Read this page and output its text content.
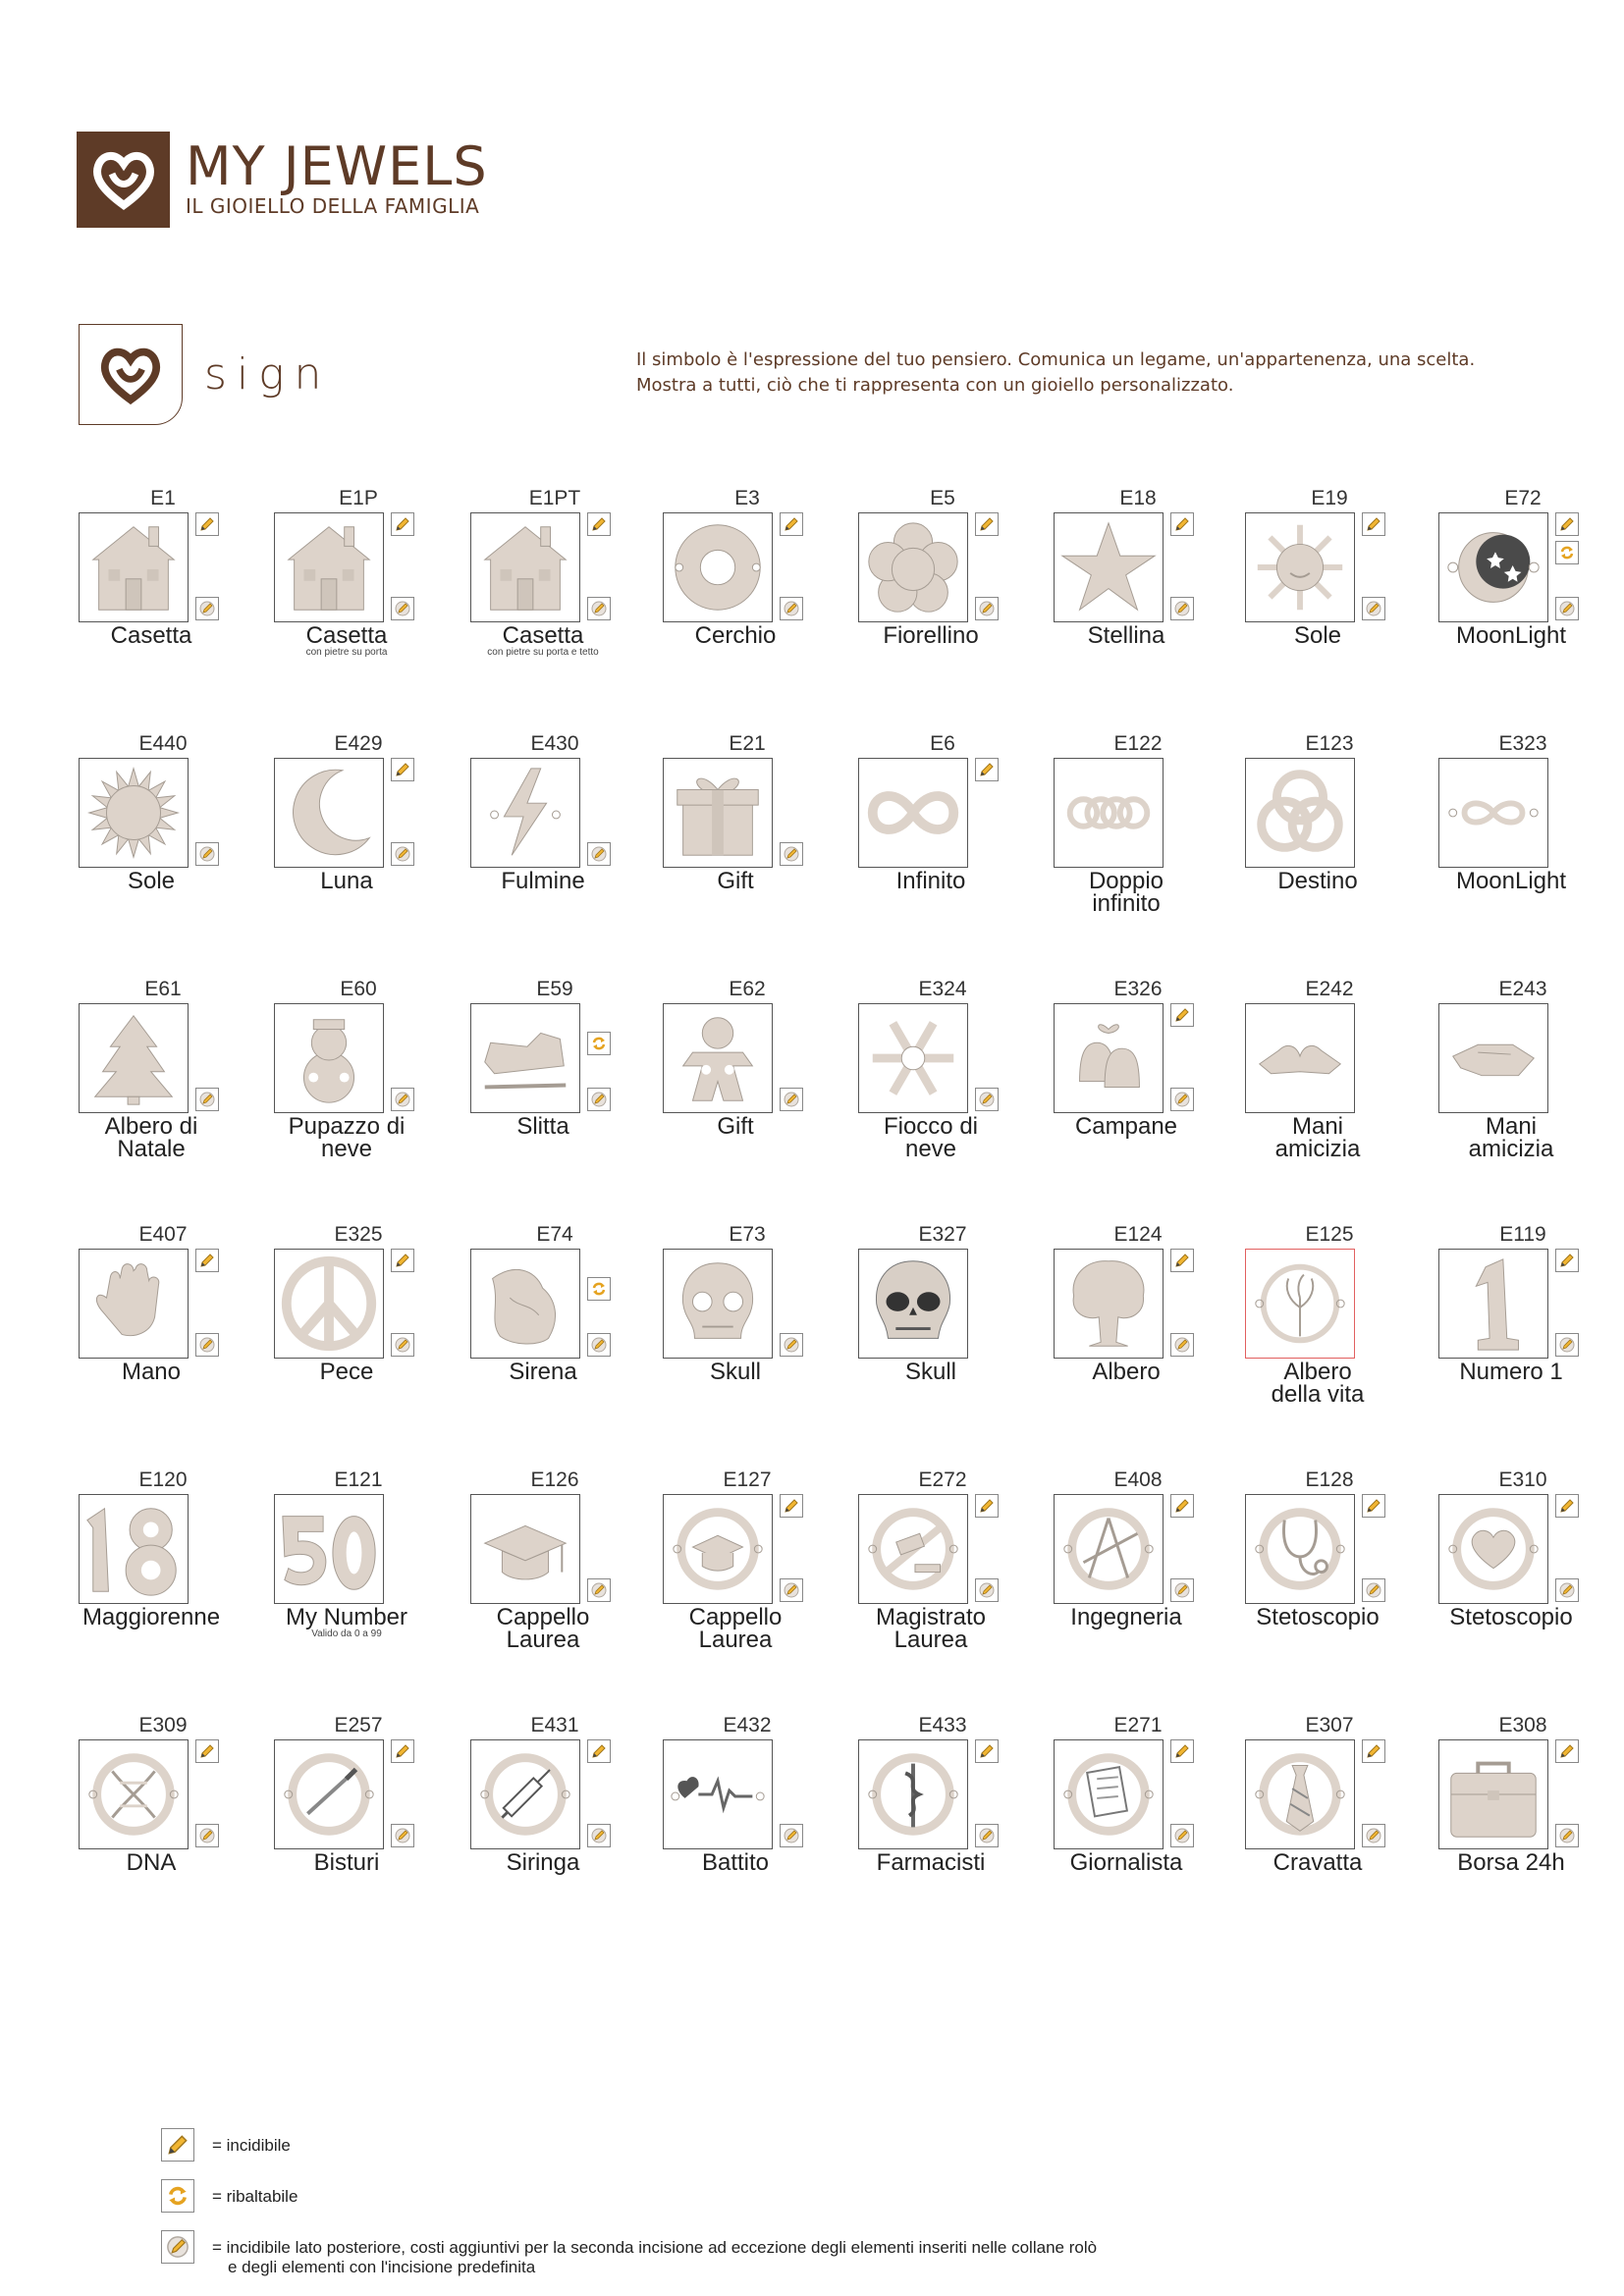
MY JEWELS
IL GIOIELLO DELLA FAMIGLIA
sign	Il simbolo è l'espressione del tuo pensiero. Comunica un legame, un'appartenenza, una scelta. Mostra a tutti, ciò che ti rappresenta con un gioiello personalizzato.
E1
Casetta
E1P
Casetta
con pietre su porta
E1PT
Casetta
con pietre su porta e tetto
E3
Cerchio
E5
Fiorellino
E18
Stellina
E19
Sole
E72
MoonLight
E440
Sole
E429
Luna
E430
Fulmine
E21
Gift
E6
Infinito
E122
Doppio
infinito
E123
Destino
E323
MoonLight
E61
Albero di
Natale
E60
Pupazzo di
neve
E59
Slitta
E62
Gift
E324
Fiocco di
neve
E326
Campane
E242
Mani
amicizia
E243
Mani
amicizia
E407
Mano
E325
Pece
E74
Sirena
E73
Skull
E327
Skull
E124
Albero
E125
Albero
della vita
E119
Numero 1
E120
Maggiorenne
E121
My Number
Valido da 0 a 99
E126
Cappello
Laurea
E127
Cappello
Laurea
E272
Magistrato
Laurea
E408
Ingegneria
E128
Stetoscopio
E310
Stetoscopio
E309
DNA
E257
Bisturi
E431
Siringa
E432
Battito
E433
Farmacisti
E271
Giornalista
E307
Cravatta
E308
Borsa 24h
= incidibile
= ribaltabile
= incidibile lato posteriore, costi aggiuntivi per la seconda incisione ad eccezione degli elementi inseriti nelle collane rolò
e degli elementi con l'incisione predefinita
